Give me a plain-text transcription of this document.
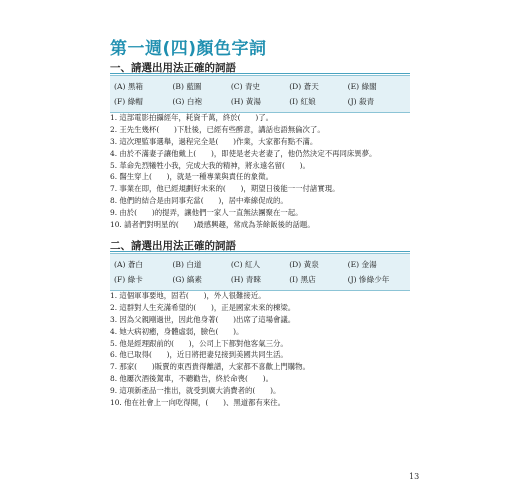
第一週(四)顏色字詞
一、請選出用法正確的詞語
(A) 黑箱	(B) 藍圖	(C) 青史	(D) 蒼天	(E) 綠閣
(F) 綠帽	(G) 白袍	(H) 黃湯	(I) 紅娘	(J) 殺青
1. 這部電影拍攝經年，耗資千萬，終於(　　)了。
2. 王先生幾杯(　　)下肚後，已經有些醉意，講話也語無倫次了。
3. 這次理監事選舉，過程完全是(　　)作業，大家都有點不滿。
4. 由於不滿妻子讓他戴上(　　)，即使是老夫老妻了，他仍然決定不再同床異夢。
5. 革命先烈犧牲小我，完成大我的精神，將永遠名留(　　)。
6. 醫生穿上(　　)，就是一種專業與責任的象徵。
7. 事業在即，他已經規劃好未來的(　　)，期望日後能一一付諸實現。
8. 他們的結合是由同事充當(　　)，居中牽線促成的。
9. 由於(　　)的提弄，讓他們一家人一直無法團聚在一起。
10. 請者們對明星的(　　)最感興趣，常成為茶餘飯後的話題。
二、請選出用法正確的詞語
(A) 蒼白	(B) 白道	(C) 紅人	(D) 黃泉	(E) 金湯
(F) 綠卡	(G) 縞素	(H) 青睞	(I) 黑店	(J) 慘綠少年
1. 這個軍事要地，固若(　　)，外人很難接近。
2. 這群對人生充滿希望的(　　)，正是國家未來的棟梁。
3. 因為父親剛過世，因此他身著(　　)出席了這場會議。
4. 她大病初癒，身體虛弱，臉色(　　)。
5. 他是經理跟前的(　　)，公司上下都對他客氣三分。
6. 他已取得(　　)，近日將把妻兒接到美國共同生活。
7. 那家(　　)販賣的東西貴得離譜，大家都不喜歡上門購物。
8. 他屢次酒後駕車，不聽勸告，終於命喪(　　)。
9. 這項新產品一推出，就受到廣大消費者的(　　)。
10. 他在社會上一向吃得開，(　　)、黑道都有來往。
13
